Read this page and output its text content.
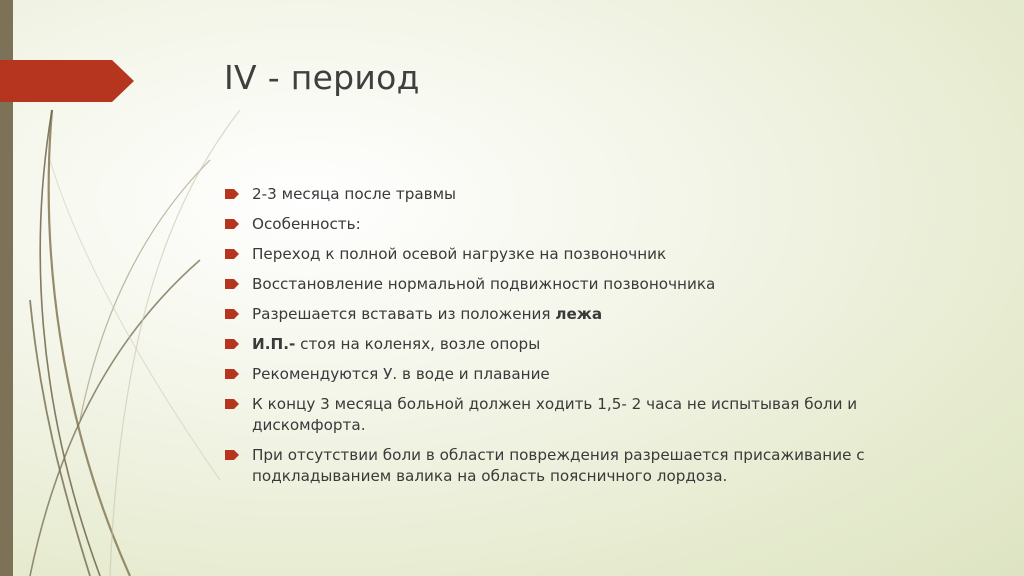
IV - период
2-3 месяца после травмы
Особенность:
Переход к полной осевой нагрузке на позвоночник
Восстановление нормальной подвижности позвоночника
Разрешается вставать из положения лежа
И.П.- стоя на коленях, возле опоры
Рекомендуются У. в воде и плавание
К концу 3 месяца больной должен ходить 1,5- 2 часа не испытывая боли и дискомфорта.
При отсутствии боли в области повреждения разрешается присаживание с подкладыванием валика на область поясничного лордоза.
